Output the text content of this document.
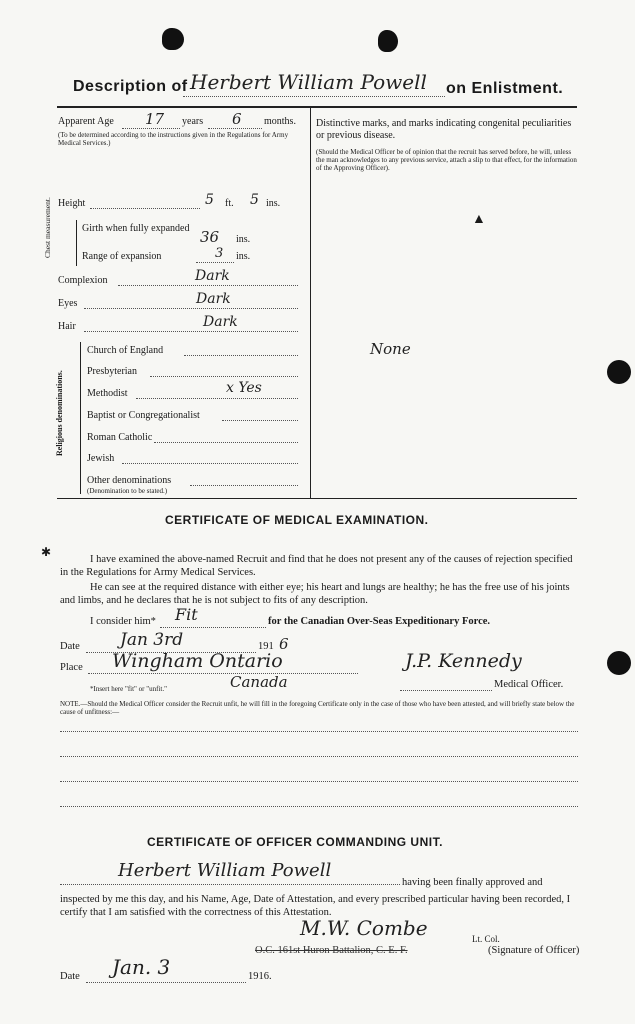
Description of Herbert William Powell on Enlistment.
Apparent Age 17 years 6 months.
(To be determined according to the instructions given in the Regulations for Army Medical Services.)
Height	5 ft. 5 ins.
Chest measurement.	Girth when fully expanded 36 ins.
Range of expansion	3 ins.
Complexion	Dark
Eyes	Dark
Hair	Dark
Religious denominations.
Church of England
Presbyterian
Methodist	x Yes
Baptist or Congregationalist
Roman Catholic
Jewish
Other denominations
(Denomination to be stated.)
Distinctive marks, and marks indicating congenital peculiarities or previous disease.
(Should the Medical Officer be of opinion that the recruit has served before, he will, unless the man acknowledges to any previous service, attach a slip to that effect, for the information of the Approving Officer).
▲
None
CERTIFICATE OF MEDICAL EXAMINATION.
✱
I have examined the above-named Recruit and find that he does not present any of the causes of rejection specified in the Regulations for Army Medical Services.
He can see at the required distance with either eye; his heart and lungs are healthy; he has the free use of his joints and limbs, and he declares that he is not subject to fits of any description.
I consider him* Fit	for the Canadian Over-Seas Expeditionary Force.
Date Jan 3rd	191 6
Place Wingham Ontario
Canada
J.P. Kennedy
Medical Officer.
*Insert here "fit" or "unfit."
NOTE.—Should the Medical Officer consider the Recruit unfit, he will fill in the foregoing Certificate only in the case of those who have been attested, and will briefly state below the cause of unfitness:—
CERTIFICATE OF OFFICER COMMANDING UNIT.
Herbert William Powell
having been finally approved and
inspected by me this day, and his Name, Age, Date of Attestation, and every prescribed particular having been recorded, I certify that I am satisfied with the correctness of this Attestation.
M.W. Combe	Lt. Col.
O.C. 161st Huron Battalion, C. E. F.	(Signature of Officer)
Date Jan. 3	1916.
